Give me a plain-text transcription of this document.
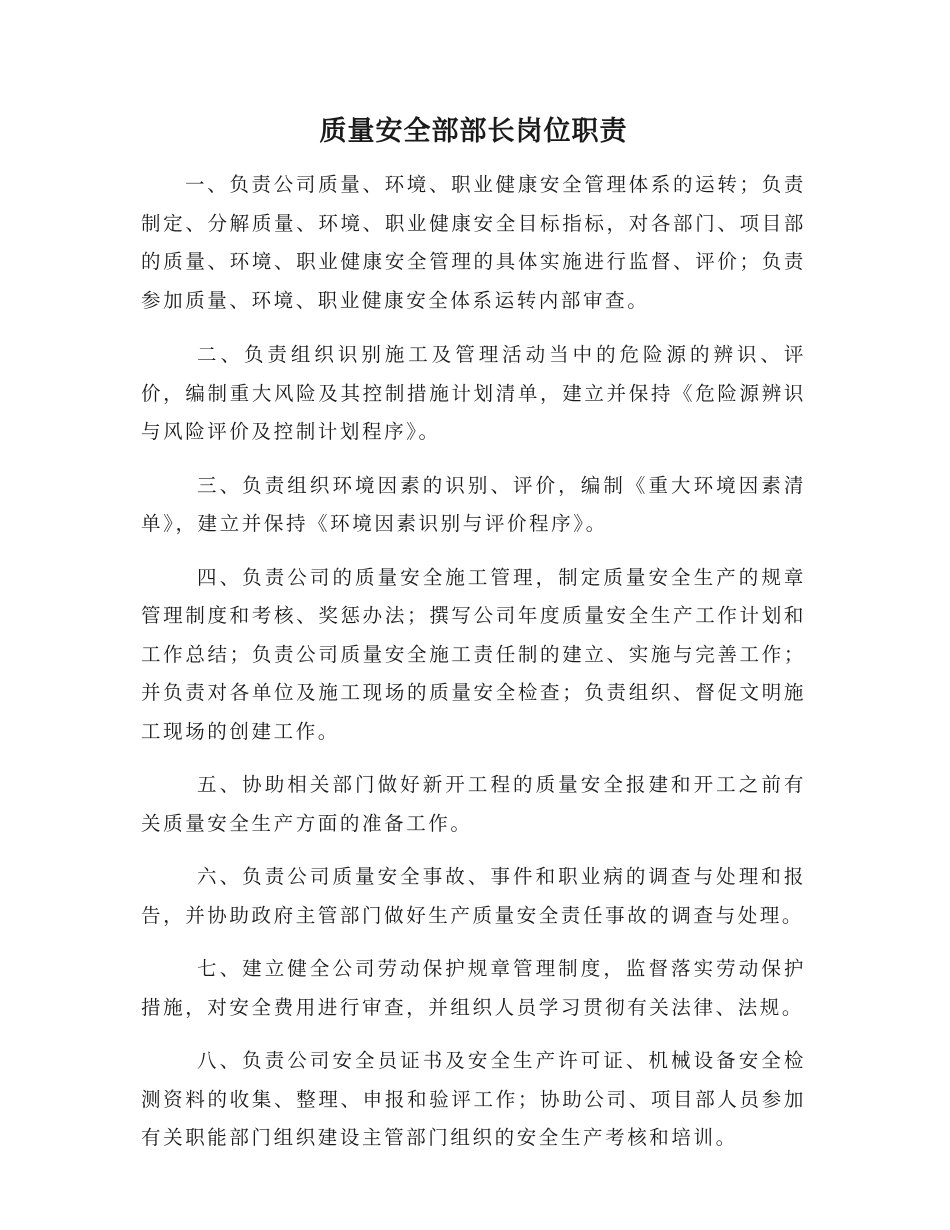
质量安全部部长岗位职责

一、负责公司质量、环境、职业健康安全管理体系的运转；负责制定、分解质量、环境、职业健康安全目标指标，对各部门、项目部的质量、环境、职业健康安全管理的具体实施进行监督、评价；负责参加质量、环境、职业健康安全体系运转内部审查。

二、负责组织识别施工及管理活动当中的危险源的辨识、评价，编制重大风险及其控制措施计划清单，建立并保持《危险源辨识与风险评价及控制计划程序》。

三、负责组织环境因素的识别、评价，编制《重大环境因素清单》，建立并保持《环境因素识别与评价程序》。

四、负责公司的质量安全施工管理，制定质量安全生产的规章管理制度和考核、奖惩办法；撰写公司年度质量安全生产工作计划和工作总结；负责公司质量安全施工责任制的建立、实施与完善工作；并负责对各单位及施工现场的质量安全检查；负责组织、督促文明施工现场的创建工作。

五、协助相关部门做好新开工程的质量安全报建和开工之前有关质量安全生产方面的准备工作。

六、负责公司质量安全事故、事件和职业病的调查与处理和报告，并协助政府主管部门做好生产质量安全责任事故的调查与处理。

七、建立健全公司劳动保护规章管理制度，监督落实劳动保护措施，对安全费用进行审查，并组织人员学习贯彻有关法律、法规。

八、负责公司安全员证书及安全生产许可证、机械设备安全检测资料的收集、整理、申报和验评工作；协助公司、项目部人员参加有关职能部门组织建设主管部门组织的安全生产考核和培训。
